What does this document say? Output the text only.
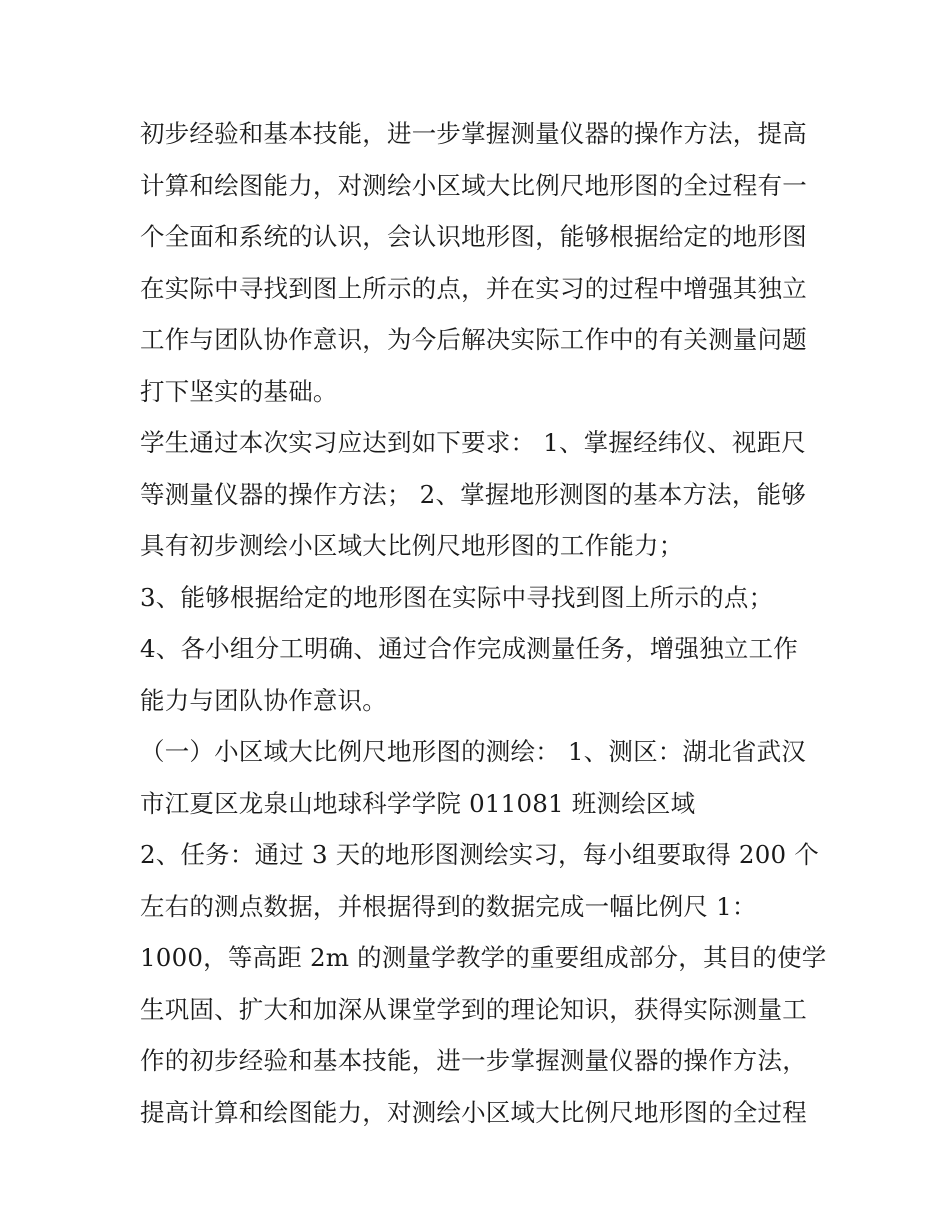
初步经验和基本技能，进一步掌握测量仪器的操作方法，提高
计算和绘图能力，对测绘小区域大比例尺地形图的全过程有一
个全面和系统的认识，会认识地形图，能够根据给定的地形图
在实际中寻找到图上所示的点，并在实习的过程中增强其独立
工作与团队协作意识，为今后解决实际工作中的有关测量问题
打下坚实的基础。
学生通过本次实习应达到如下要求： 1、掌握经纬仪、视距尺
等测量仪器的操作方法； 2、掌握地形测图的基本方法，能够
具有初步测绘小区域大比例尺地形图的工作能力；
3、能够根据给定的地形图在实际中寻找到图上所示的点；
4、各小组分工明确、通过合作完成测量任务，增强独立工作
能力与团队协作意识。
（一）小区域大比例尺地形图的测绘： 1、测区：湖北省武汉
市江夏区龙泉山地球科学学院 011081 班测绘区域
2、任务：通过 3 天的地形图测绘实习，每小组要取得 200 个
左右的测点数据，并根据得到的数据完成一幅比例尺 1：
1000，等高距 2m 的测量学教学的重要组成部分，其目的使学
生巩固、扩大和加深从课堂学到的理论知识，获得实际测量工
作的初步经验和基本技能，进一步掌握测量仪器的操作方法，
提高计算和绘图能力，对测绘小区域大比例尺地形图的全过程
